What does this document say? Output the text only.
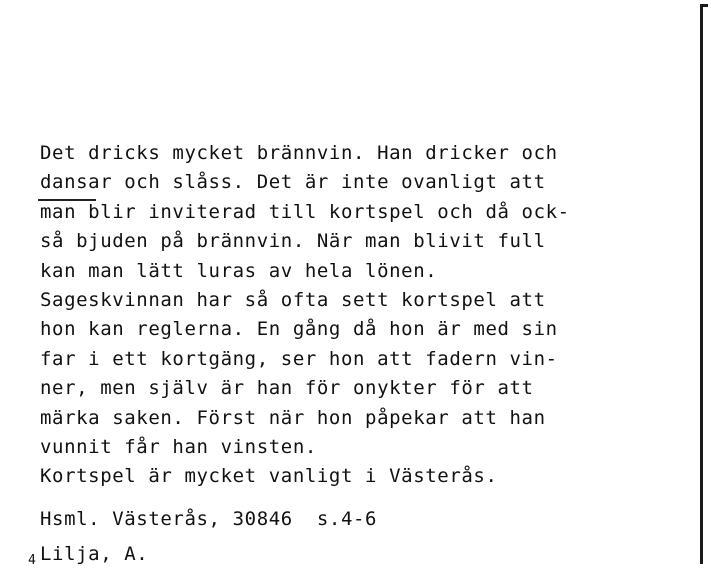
Det dricks mycket brännvin. Han dricker och
dansar och slåss. Det är inte ovanligt att
man blir inviterad till kortspel och då ock-
så bjuden på brännvin. När man blivit full
kan man lätt luras av hela lönen.
Sageskvinnan har så ofta sett kortspel att
hon kan reglerna. En gång då hon är med sin
far i ett kortgäng, ser hon att fadern vin-
ner, men själv är han för onykter för att
märka saken. Först när hon påpekar att han
vunnit får han vinsten.
Kortspel är mycket vanligt i Västerås.
Hsml. Västerås, 30846  s.4-6
Lilja, A.
4
